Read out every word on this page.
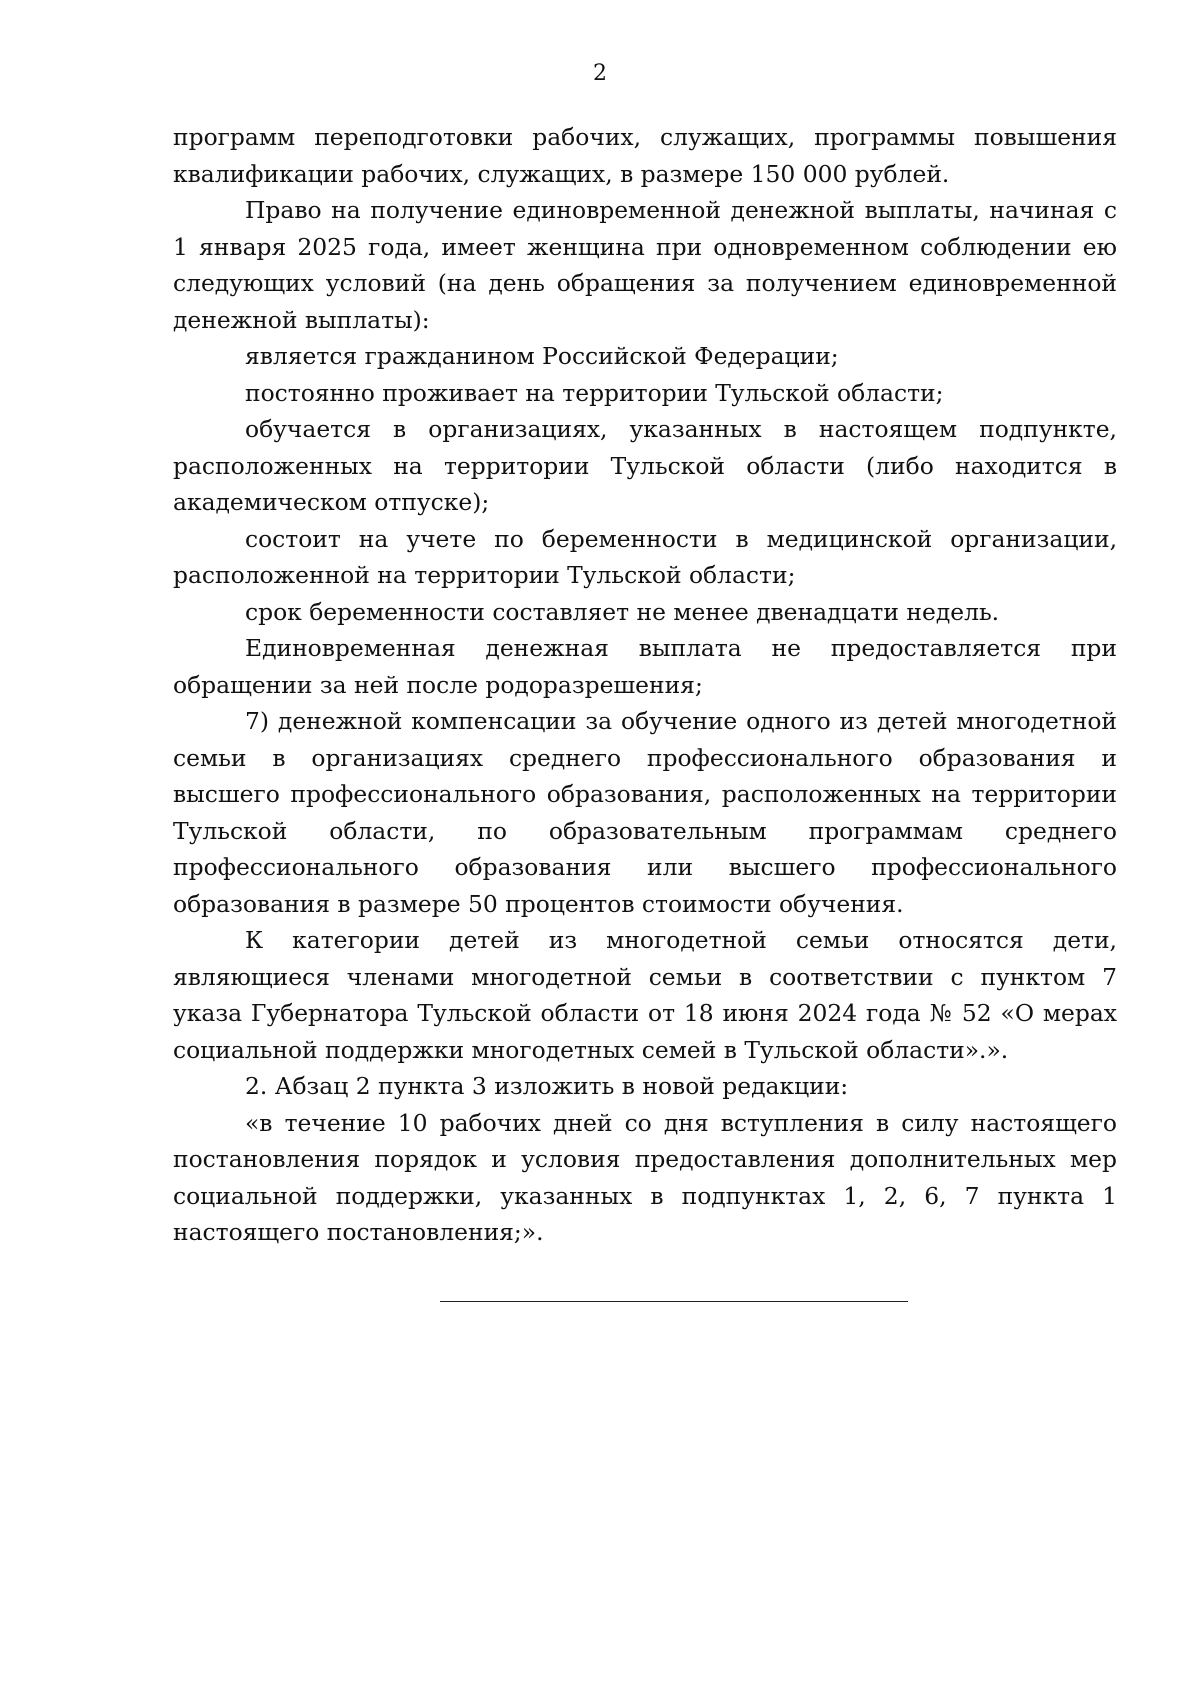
2

программ переподготовки рабочих, служащих, программы повышения квалификации рабочих, служащих, в размере 150 000 рублей.

Право на получение единовременной денежной выплаты, начиная с 1 января 2025 года, имеет женщина при одновременном соблюдении ею следующих условий (на день обращения за получением единовременной денежной выплаты):

является гражданином Российской Федерации;

постоянно проживает на территории Тульской области;

обучается в организациях, указанных в настоящем подпункте, расположенных на территории Тульской области (либо находится в академическом отпуске);

состоит на учете по беременности в медицинской организации, расположенной на территории Тульской области;

срок беременности составляет не менее двенадцати недель.

Единовременная денежная выплата не предоставляется при обращении за ней после родоразрешения;

7) денежной компенсации за обучение одного из детей многодетной семьи в организациях среднего профессионального образования и высшего профессионального образования, расположенных на территории Тульской области, по образовательным программам среднего профессионального образования или высшего профессионального образования в размере 50 процентов стоимости обучения.

К категории детей из многодетной семьи относятся дети, являющиеся членами многодетной семьи в соответствии с пунктом 7 указа Губернатора Тульской области от 18 июня 2024 года № 52 «О мерах социальной поддержки многодетных семей в Тульской области».».

2. Абзац 2 пункта 3 изложить в новой редакции:

«в течение 10 рабочих дней со дня вступления в силу настоящего постановления порядок и условия предоставления дополнительных мер социальной поддержки, указанных в подпунктах 1, 2, 6, 7 пункта 1 настоящего постановления;».
